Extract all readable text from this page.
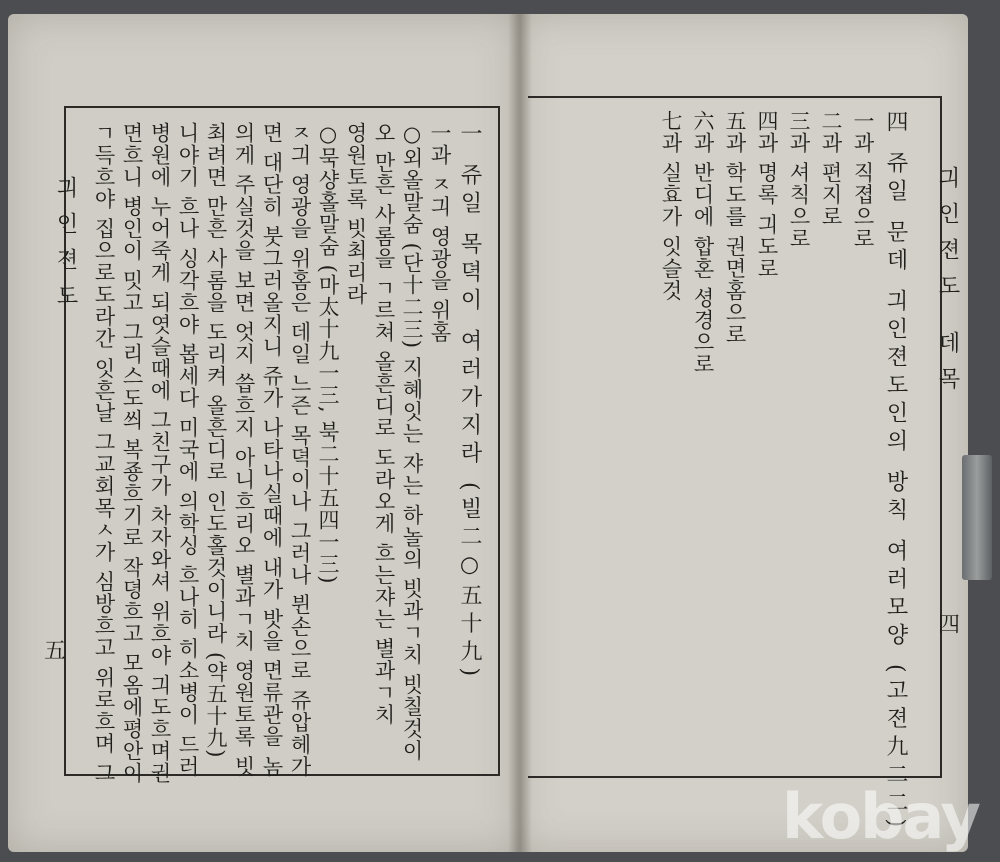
긔인젼도
五	一 쥬일 목뎍이 여러가지라 (빌二○五十九)
一과 ㅈ긔 영광을 위홈
○외올말숨 (단十二三) 지혜잇는 쟈는 하놀의 빗과ㄱ치 빗칠것이
오 만흔 사롬을 ㄱ르쳐 올흔디로 도라오게 흐는쟈는 별과ㄱ치
영원토록 빗최리라
○묵샹홀말숨 (마太十九一三, 북二十五四一三)
ㅈ긔 영광을 위홈은 데일 느즌 목뎍이나 그러나 뷘손으로 쥬압헤가
면 대단히 붓그러올지니 쥬가 나타나실때에 내가 밧을 면류관을 놈
의게 주실것을 보면 엇지 씁흐지 아니흐리오 별과ㄱ치 영원토록 빗
최려면 만흔 사롬을 도리켜 올흔디로 인도홀것이니라 (약五十九)
니야기 흐나 싱각흐야 봅세다 미국에 의학싱 흐나히 히소병이 드러
병원에 누어죽게 되엿슬때에 그친구가 차자와셔 위흐야 긔도흐며권
면흐니 병인이 밋고 그리스도씌 복죵흐기로 작뎡흐고 모옴에평안이
ㄱ득흐야 집으로도라간 잇흔날 그교회목ㅅ가 심방흐고 위로흐며 그	긔인젼도 데목
四
四 쥬일 문데 긔인젼도인의 방칙 여러모양 (고젼九二二)
一과 직졉으로
二과 편지로
三과 셔칙으로
四과 명록 긔도로
五과 학도를 권면홈으로
六과 반디에 합혼 셩경으로
七과 실효가 잇슬것
kobay
